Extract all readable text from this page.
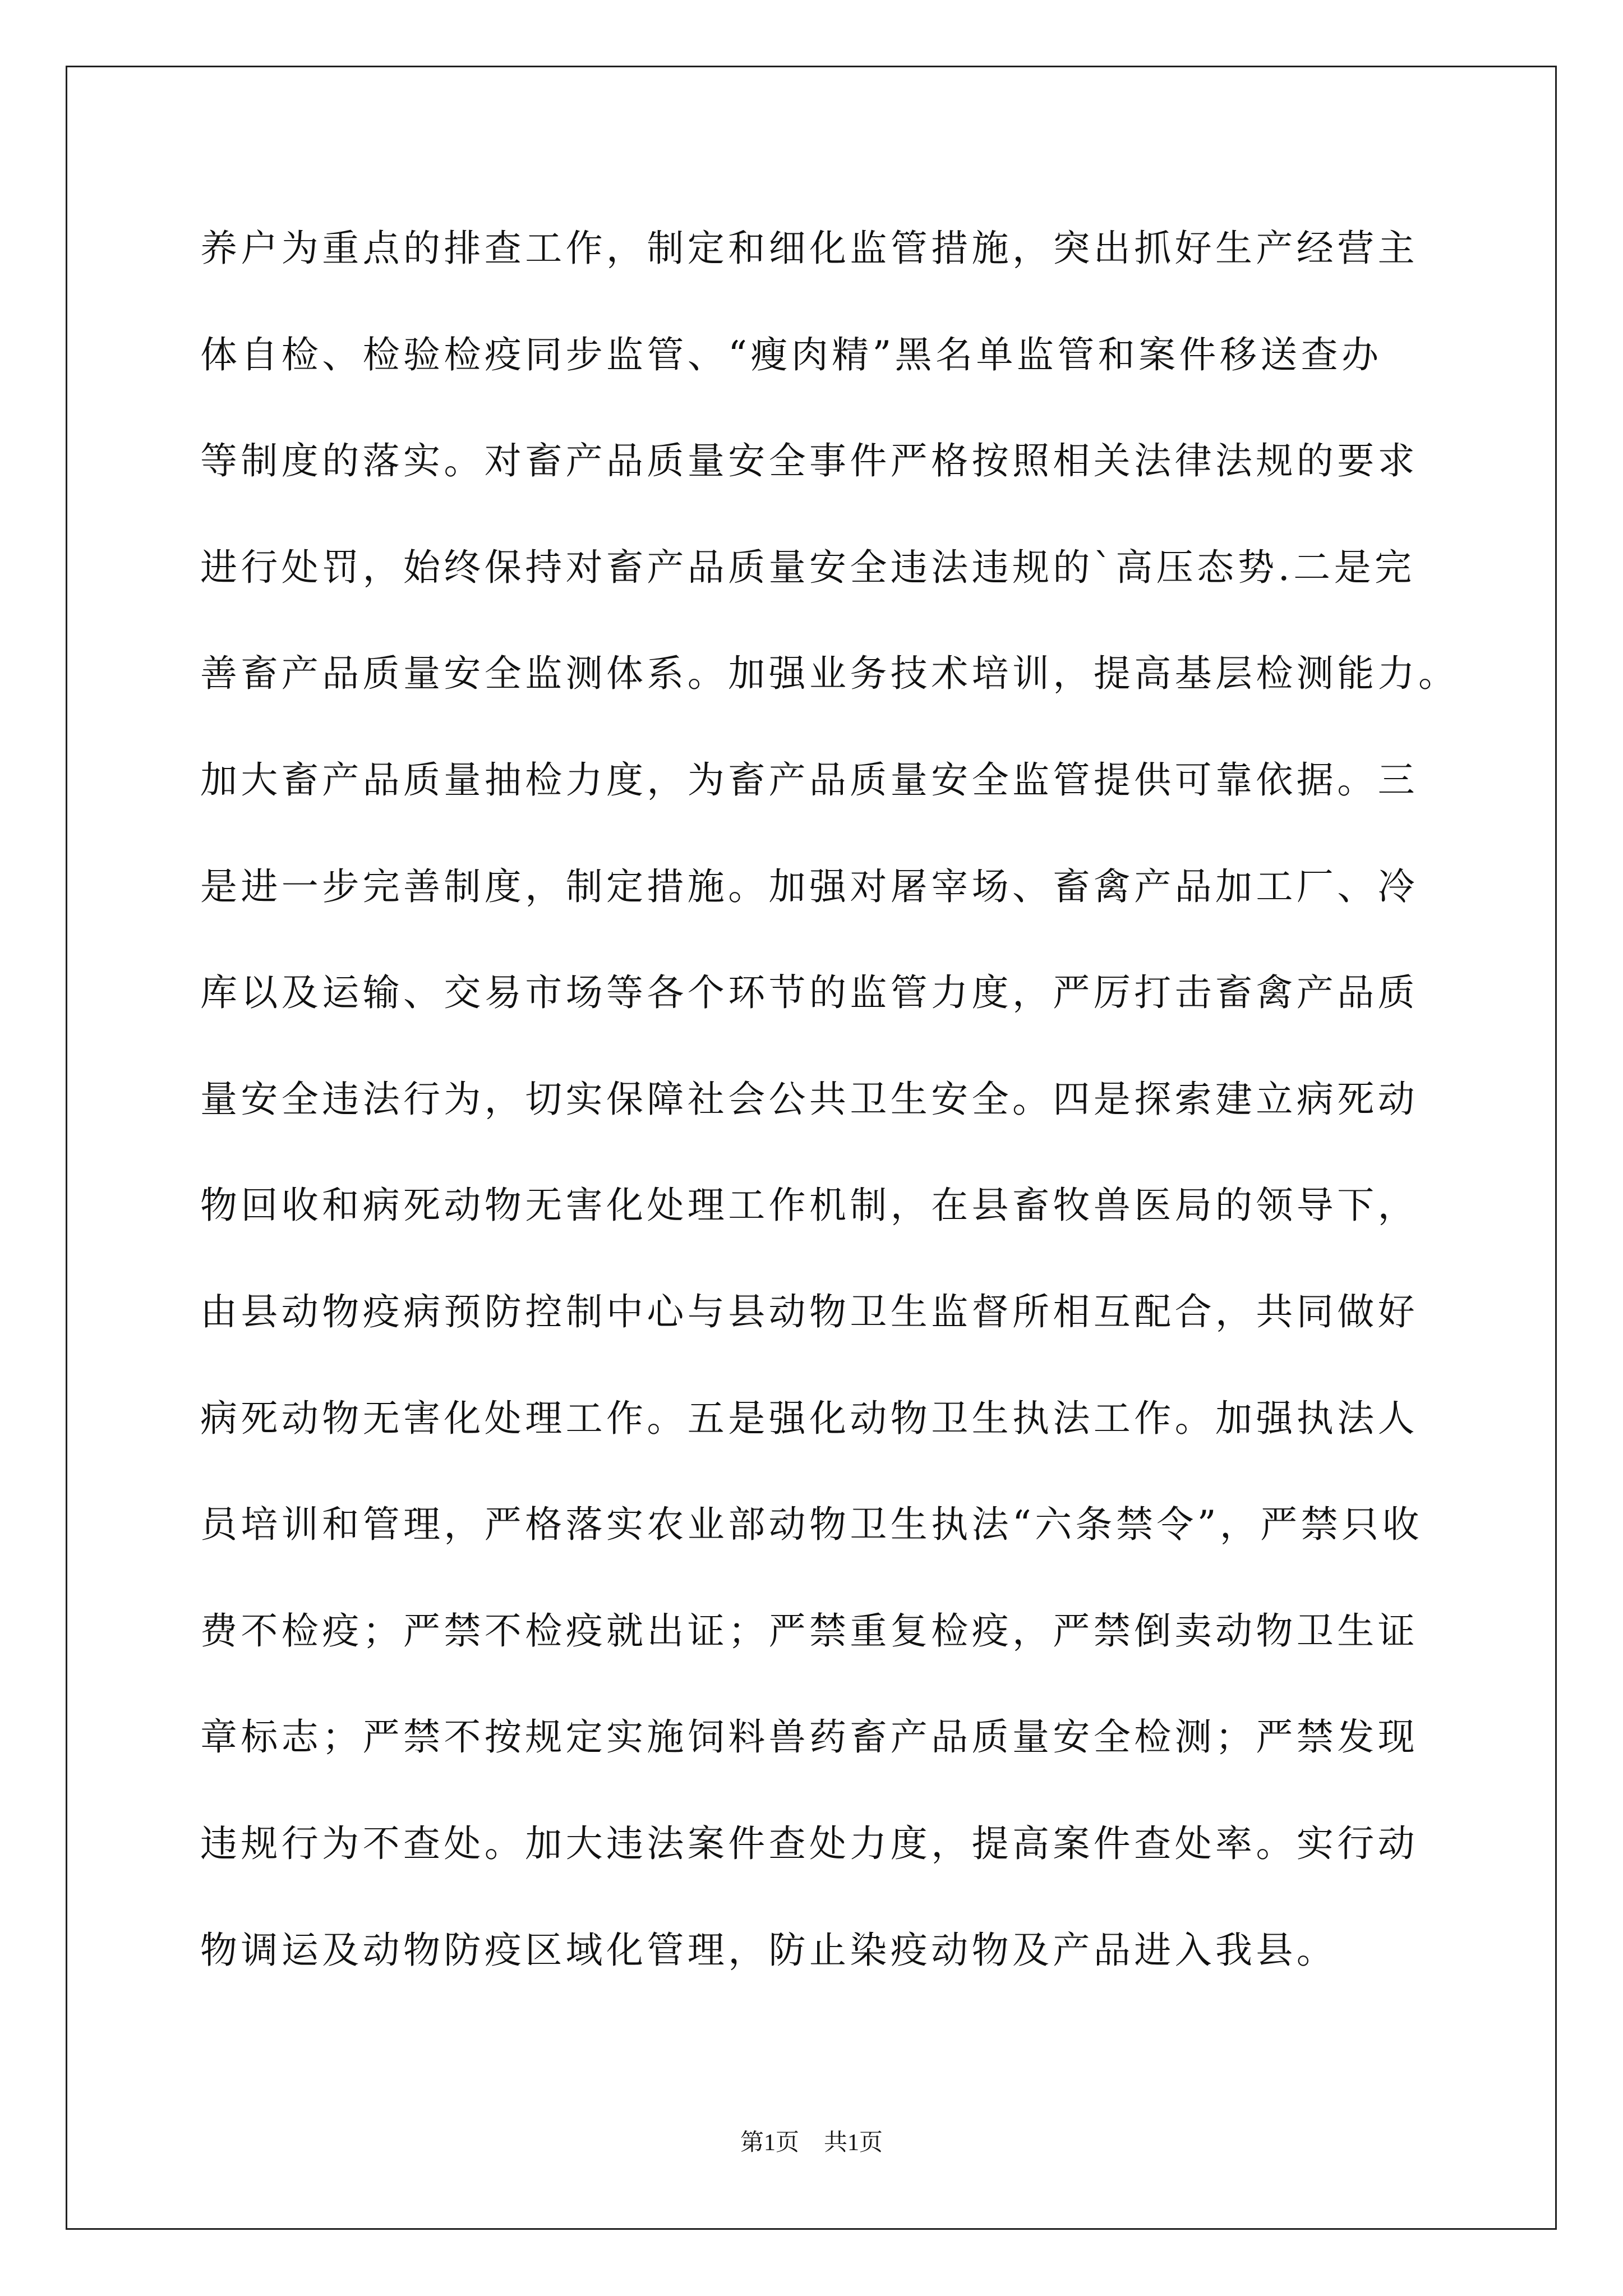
养户为重点的排查工作，制定和细化监管措施，突出抓好生产经营主
体自检、检验检疫同步监管、“瘦肉精”黑名单监管和案件移送查办
等制度的落实。对畜产品质量安全事件严格按照相关法律法规的要求
进行处罚，始终保持对畜产品质量安全违法违规的`高压态势.二是完
善畜产品质量安全监测体系。加强业务技术培训，提高基层检测能力。
加大畜产品质量抽检力度，为畜产品质量安全监管提供可靠依据。三
是进一步完善制度，制定措施。加强对屠宰场、畜禽产品加工厂、冷
库以及运输、交易市场等各个环节的监管力度，严厉打击畜禽产品质
量安全违法行为，切实保障社会公共卫生安全。四是探索建立病死动
物回收和病死动物无害化处理工作机制，在县畜牧兽医局的领导下，
由县动物疫病预防控制中心与县动物卫生监督所相互配合，共同做好
病死动物无害化处理工作。五是强化动物卫生执法工作。加强执法人
员培训和管理，严格落实农业部动物卫生执法“六条禁令”，严禁只收
费不检疫；严禁不检疫就出证；严禁重复检疫，严禁倒卖动物卫生证
章标志；严禁不按规定实施饲料兽药畜产品质量安全检测；严禁发现
违规行为不查处。加大违法案件查处力度，提高案件查处率。实行动
物调运及动物防疫区域化管理，防止染疫动物及产品进入我县。
第1页 共1页
